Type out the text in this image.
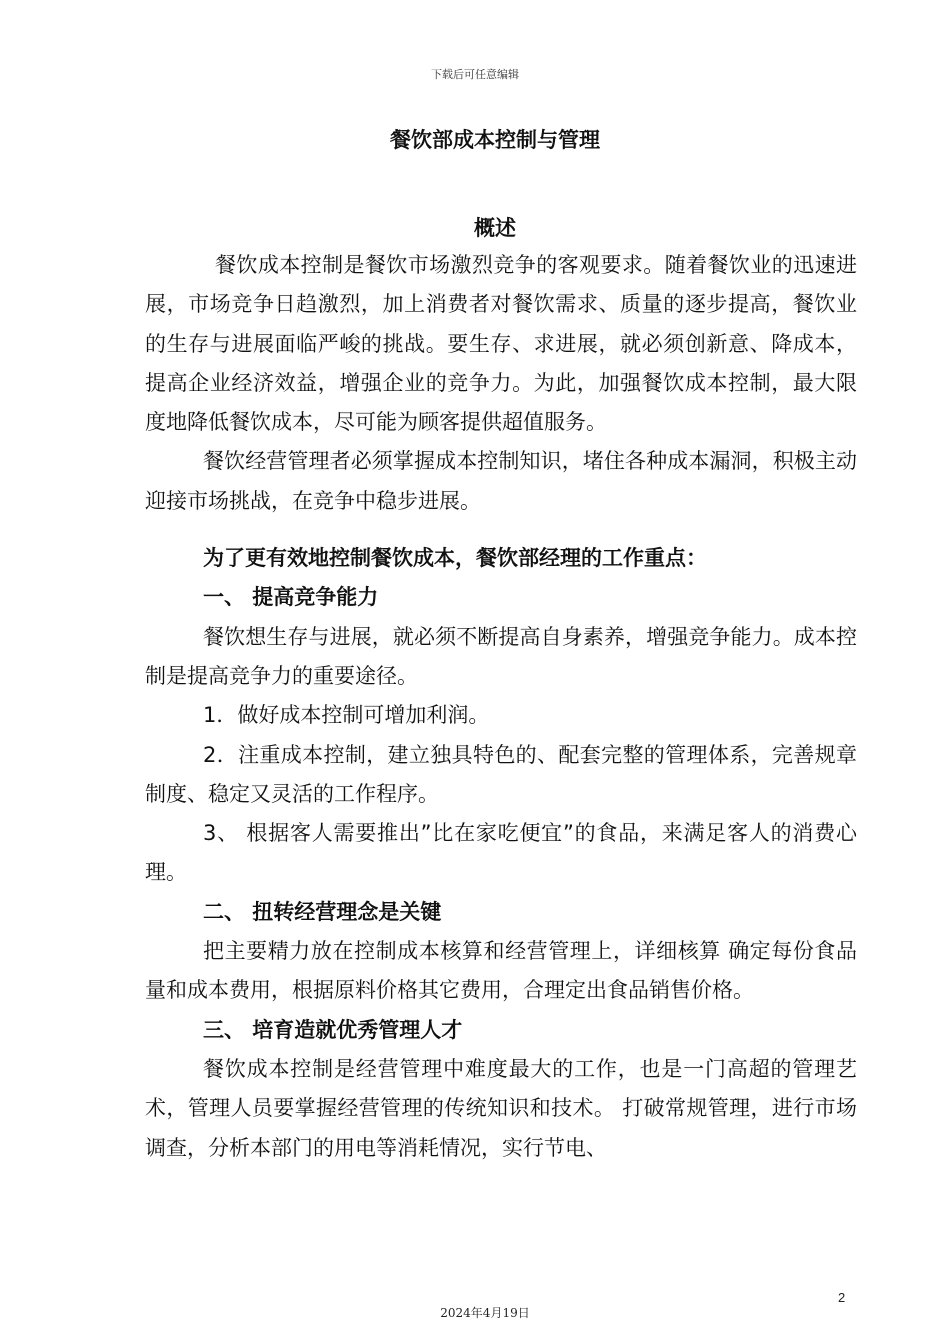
下载后可任意编辑
餐饮部成本控制与管理
概述

餐饮成本控制是餐饮市场激烈竞争的客观要求。随着餐饮业的迅速进展，市场竞争日趋激烈，加上消费者对餐饮需求、质量的逐步提高，餐饮业的生存与进展面临严峻的挑战。要生存、求进展，就必须创新意、降成本，提高企业经济效益，增强企业的竞争力。为此，加强餐饮成本控制，最大限度地降低餐饮成本，尽可能为顾客提供超值服务。

餐饮经营管理者必须掌握成本控制知识，堵住各种成本漏洞，积极主动迎接市场挑战，在竞争中稳步进展。

为了更有效地控制餐饮成本，餐饮部经理的工作重点：

一、 提高竞争能力

餐饮想生存与进展，就必须不断提高自身素养，增强竞争能力。成本控制是提高竞争力的重要途径。

1．做好成本控制可增加利润。

2．注重成本控制，建立独具特色的、配套完整的管理体系，完善规章制度、稳定又灵活的工作程序。

3、 根据客人需要推出”比在家吃便宜”的食品，来满足客人的消费心理。

二、 扭转经营理念是关键

把主要精力放在控制成本核算和经营管理上，详细核算 确定每份食品量和成本费用，根据原料价格其它费用，合理定出食品销售价格。

三、 培育造就优秀管理人才

餐饮成本控制是经营管理中难度最大的工作，也是一门高超的管理艺术，管理人员要掌握经营管理的传统知识和技术。 打破常规管理，进行市场调查，分析本部门的用电等消耗情况，实行节电、

2
2024年4月19日
